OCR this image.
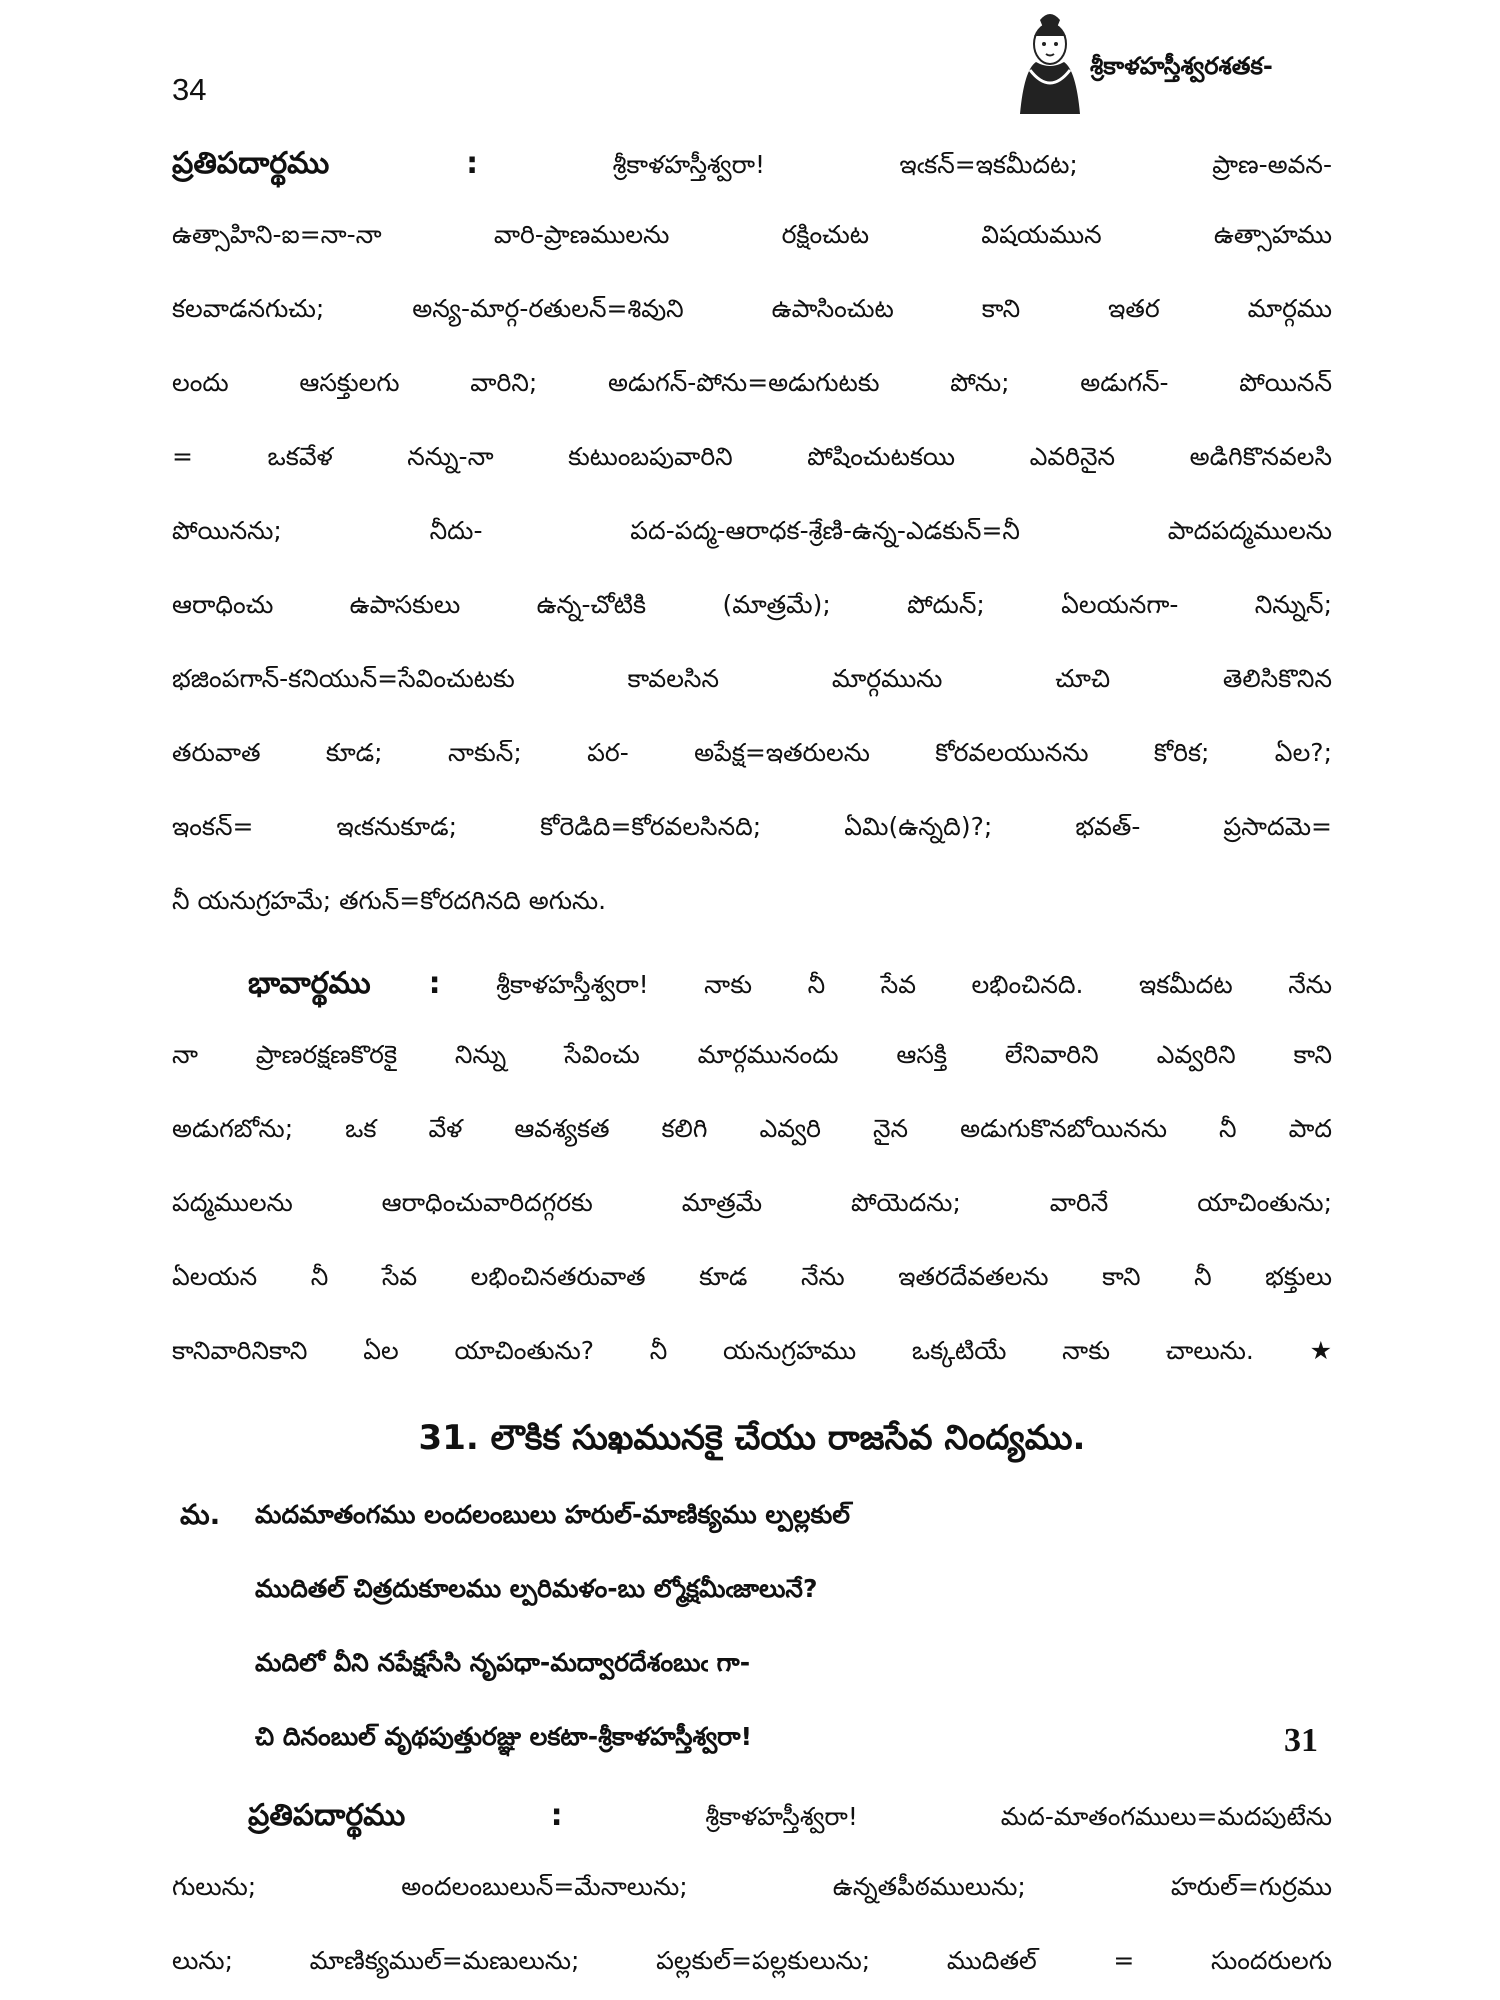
34
శ్రీకాళహస్తీశ్వరశతక-
ప్రతిపదార్థము :	శ్రీకాళహస్తీశ్వరా! ఇఁకన్=ఇకమీదట; ప్రాణ-అవన-
ఉత్సాహిని-ఐ=నా-నా వారి-ప్రాణములను రక్షించుట విషయమున ఉత్సాహము
కలవాడనగుచు; అన్య-మార్గ-రతులన్=శివుని ఉపాసించుట కాని ఇతర మార్గము
లందు ఆసక్తులగు వారిని; అడుగన్-పోను=అడుగుటకు పోను; అడుగన్- పోయినన్
= ఒకవేళ నన్ను-నా కుటుంబపువారిని పోషించుటకయి ఎవరినైన అడిగికొనవలసి
పోయినను; నీదు- పద-పద్మ-ఆరాధక-శ్రేణి-ఉన్న-ఎడకున్=నీ పాదపద్మములను
ఆరాధించు ఉపాసకులు ఉన్న-చోటికి (మాత్రమే); పోదున్; ఏలయనగా- నిన్నున్;
భజింపగాన్-కనియున్=సేవించుటకు కావలసిన మార్గమును చూచి తెలిసికొనిన
తరువాత కూడ; నాకున్; పర- అపేక్ష=ఇతరులను కోరవలయునను కోరిక; ఏల?;
ఇంకన్= ఇఁకనుకూడ; కోరెడిది=కోరవలసినది; ఏమి(ఉన్నది)?; భవత్- ప్రసాదమె=
నీ యనుగ్రహమే; తగున్=కోరదగినది అగును.
భావార్థము : శ్రీకాళహస్తీశ్వరా! నాకు నీ సేవ లభించినది. ఇకమీదట నేను
నా ప్రాణరక్షణకొరకై నిన్ను సేవించు మార్గమునందు ఆసక్తి లేనివారిని ఎవ్వరిని కాని
అడుగబోను; ఒక వేళ ఆవశ్యకత కలిగి ఎవ్వరి నైన అడుగుకొనబోయినను నీ పాద
పద్మములను ఆరాధించువారిదగ్గరకు మాత్రమే పోయెదను; వారినే యాచింతును;
ఏలయన నీ సేవ లభించినతరువాత కూడ నేను ఇతరదేవతలను కాని నీ భక్తులు
కానివారినికాని ఏల యాచింతును? నీ యనుగ్రహము ఒక్కటియే నాకు చాలును. ★
31. లౌకిక సుఖమునకై చేయు రాజసేవ నింద్యము.
మ. మదమాతంగము లందలంబులు హరుల్-మాణిక్యము ల్పల్లకుల్
ముదితల్ చిత్రదుకూలము ల్పరిమళం-బు ల్మోక్షమీఁజాలునే?
మదిలో వీని నపేక్షసేసి నృపధా-మద్వారదేశంబుఁ గా-
చి దినంబుల్ వృథపుత్తురజ్ఞు లకటా-శ్రీకాళహస్తీశ్వరా!	31
ప్రతిపదార్థము :	శ్రీకాళహస్తీశ్వరా! మద-మాతంగములు=మదపుటేను
గులును; అందలంబులున్=మేనాలును; ఉన్నతపీఠములును; హరుల్=గుర్రము
లును; మాణిక్యముల్=మణులును; పల్లకుల్=పల్లకులును; ముదితల్ = సుందరులగు
